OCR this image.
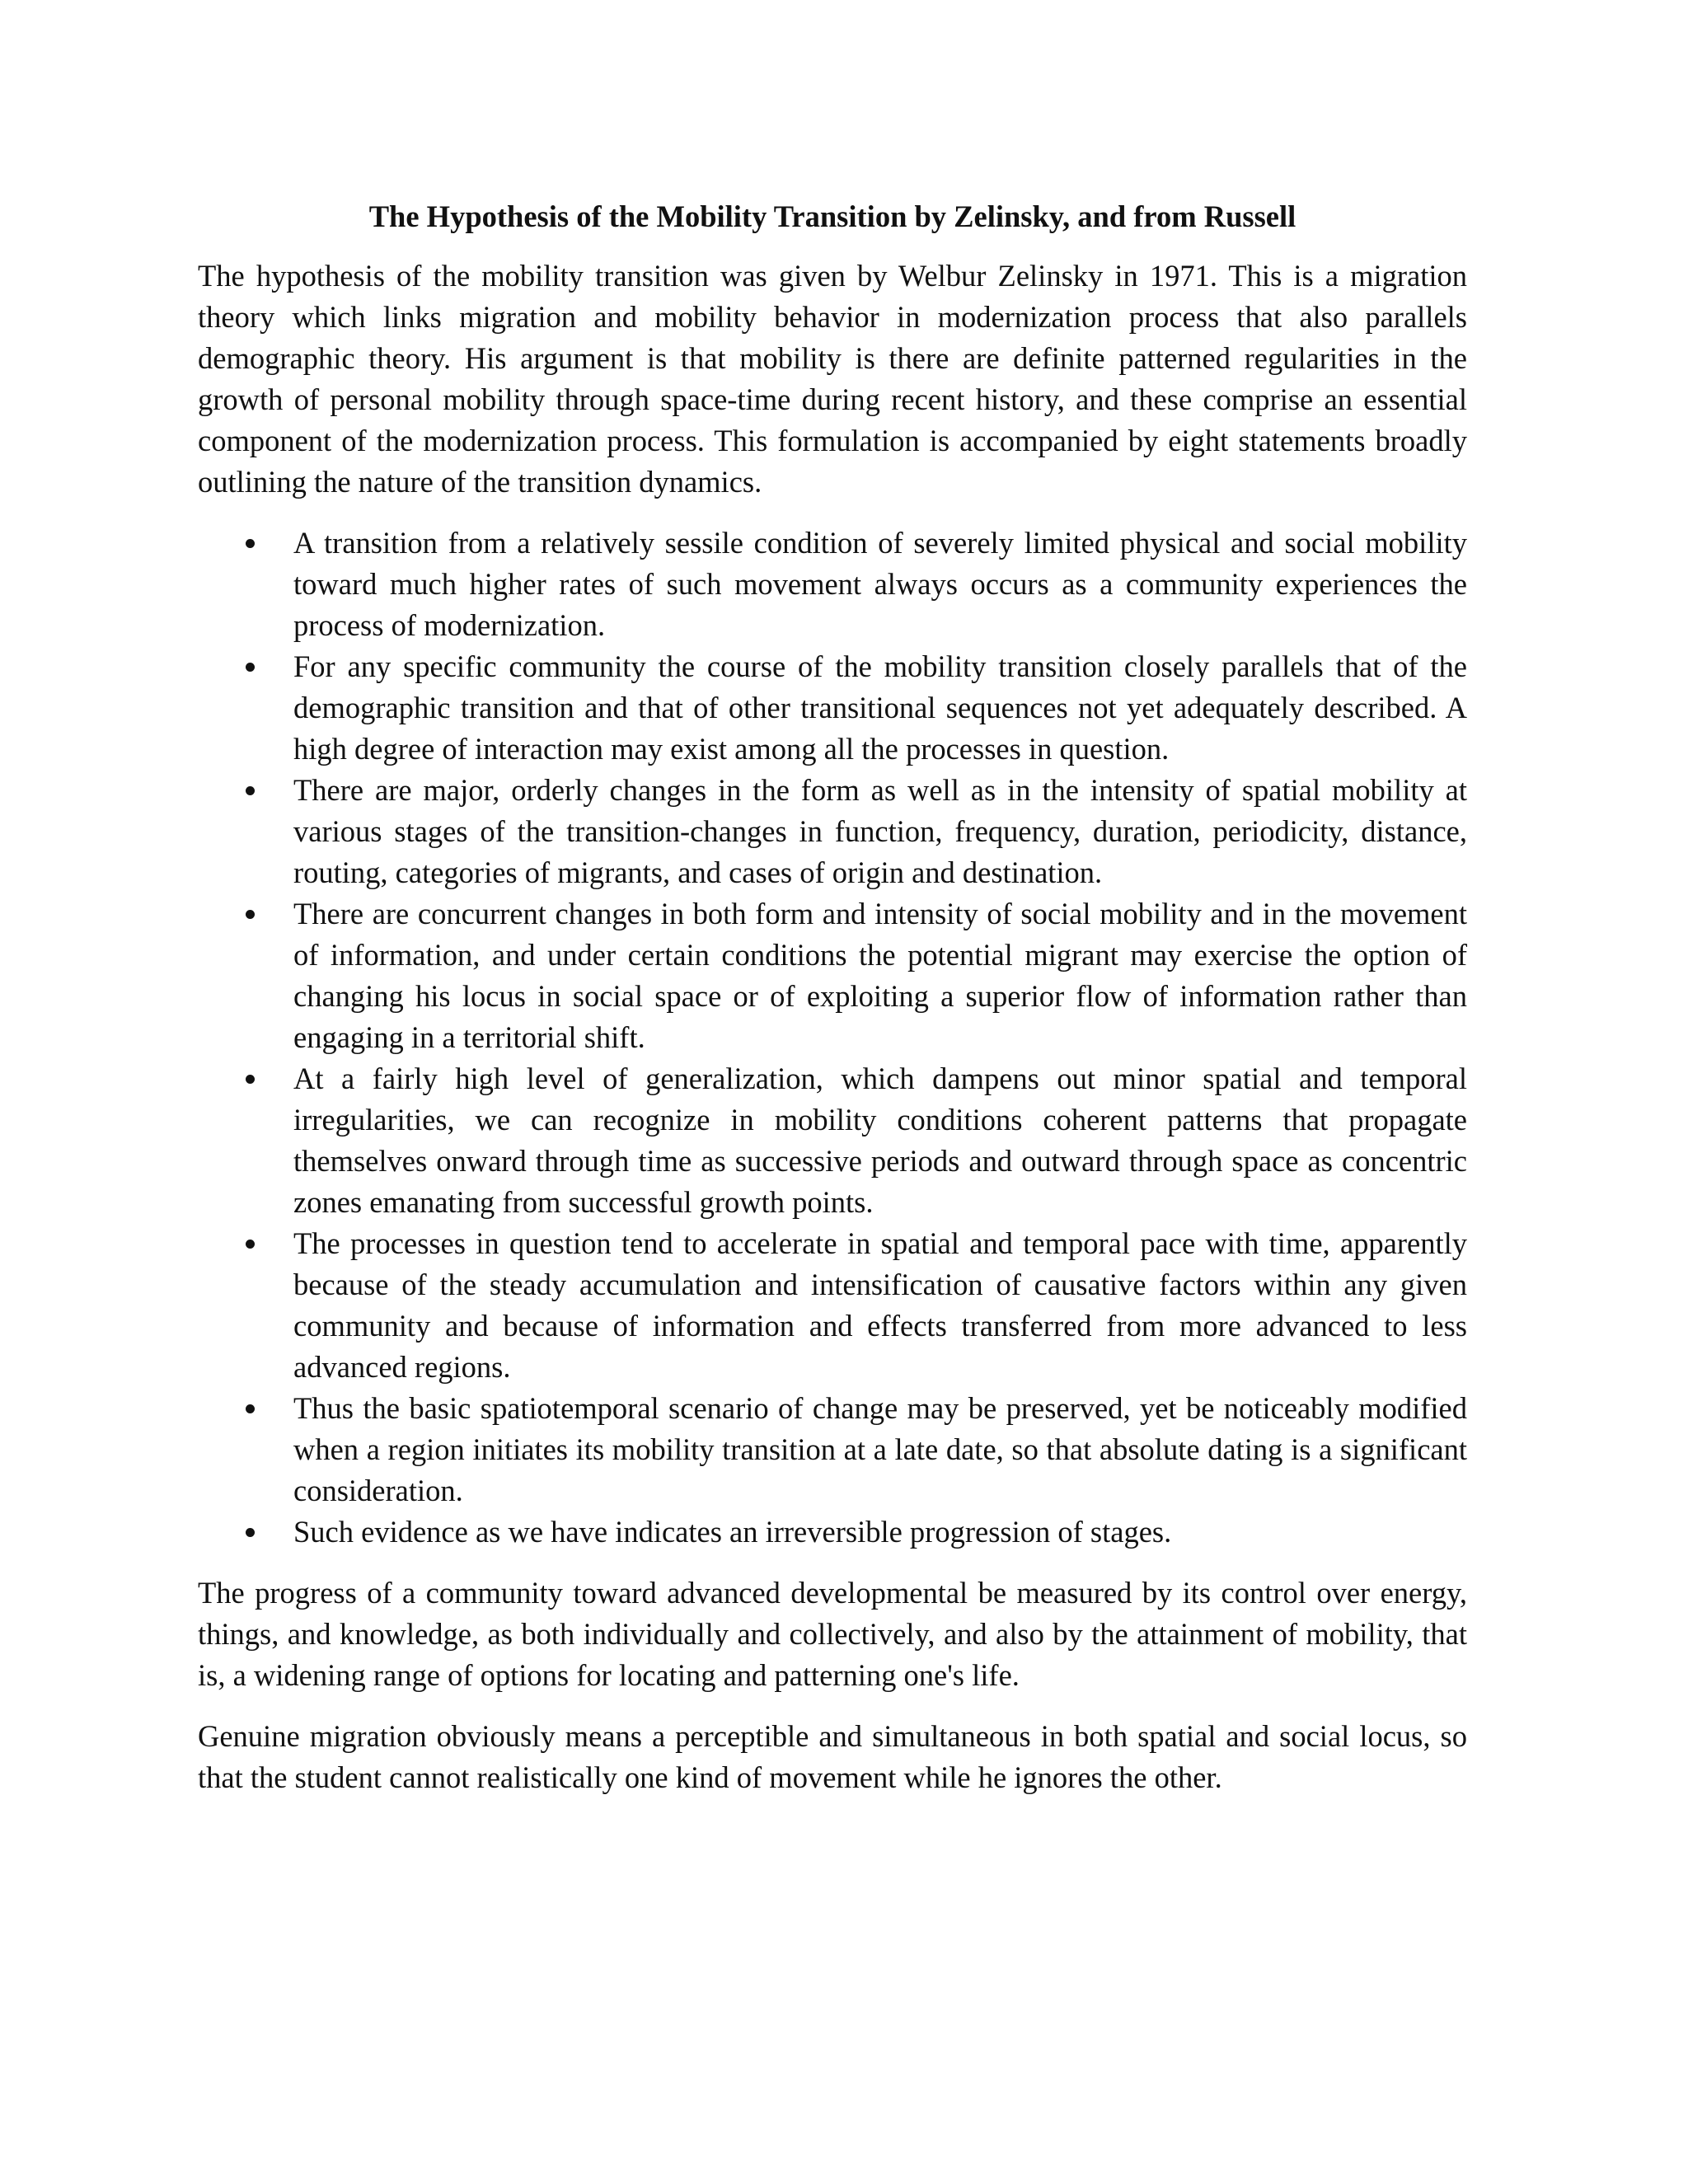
The Hypothesis of the Mobility Transition by Zelinsky, and from Russell

The hypothesis of the mobility transition was given by Welbur Zelinsky in 1971. This is a migration theory which links migration and mobility behavior in modernization process that also parallels demographic theory. His argument is that mobility is there are definite patterned regularities in the growth of personal mobility through space-time during recent history, and these comprise an essential component of the modernization process. This formulation is accompanied by eight statements broadly outlining the nature of the transition dynamics.

A transition from a relatively sessile condition of severely limited physical and social mobility toward much higher rates of such movement always occurs as a community experiences the process of modernization.
For any specific community the course of the mobility transition closely parallels that of the demographic transition and that of other transitional sequences not yet adequately described. A high degree of interaction may exist among all the processes in question.
There are major, orderly changes in the form as well as in the intensity of spatial mobility at various stages of the transition-changes in function, frequency, duration, periodicity, distance, routing, categories of migrants, and cases of origin and destination.
There are concurrent changes in both form and intensity of social mobility and in the movement of information, and under certain conditions the potential migrant may exercise the option of changing his locus in social space or of exploiting a superior flow of information rather than engaging in a territorial shift.
At a fairly high level of generalization, which dampens out minor spatial and temporal irregularities, we can recognize in mobility conditions coherent patterns that propagate themselves onward through time as successive periods and outward through space as concentric zones emanating from successful growth points.
The processes in question tend to accelerate in spatial and temporal pace with time, apparently because of the steady accumulation and intensification of causative factors within any given community and because of information and effects transferred from more advanced to less advanced regions.
Thus the basic spatiotemporal scenario of change may be preserved, yet be noticeably modified when a region initiates its mobility transition at a late date, so that absolute dating is a significant consideration.
Such evidence as we have indicates an irreversible progression of stages.

The progress of a community toward advanced developmental be measured by its control over energy, things, and knowledge, as both individually and collectively, and also by the attainment of mobility, that is, a widening range of options for locating and patterning one's life.

Genuine migration obviously means a perceptible and simultaneous in both spatial and social locus, so that the student cannot realistically one kind of movement while he ignores the other.
